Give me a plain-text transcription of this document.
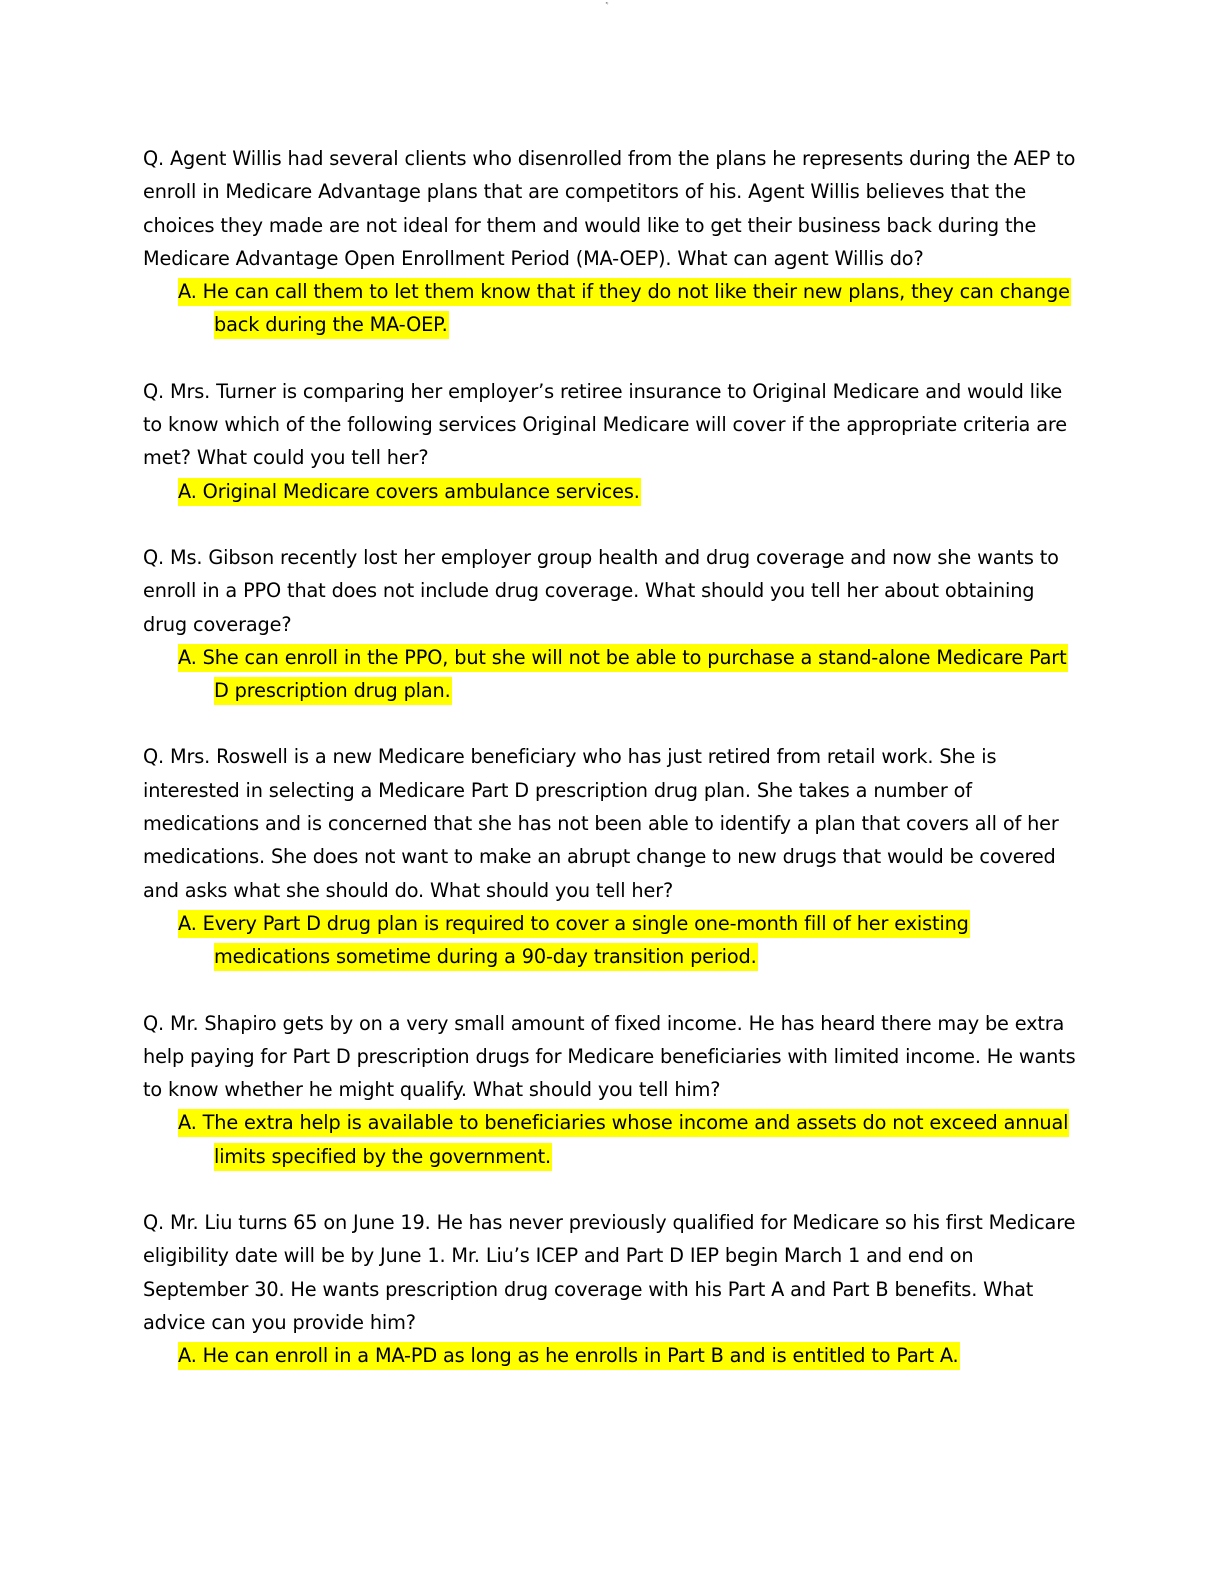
Ej

Q. Agent Willis had several clients who disenrolled from the plans he represents during the AEP to enroll in Medicare Advantage plans that are competitors of his. Agent Willis believes that the choices they made are not ideal for them and would like to get their business back during the Medicare Advantage Open Enrollment Period (MA-OEP). What can agent Willis do?

A. He can call them to let them know that if they do not like their new plans, they can change back during the MA-OEP.

Q. Mrs. Turner is comparing her employer’s retiree insurance to Original Medicare and would like to know which of the following services Original Medicare will cover if the appropriate criteria are met? What could you tell her?

A. Original Medicare covers ambulance services.

Q. Ms. Gibson recently lost her employer group health and drug coverage and now she wants to enroll in a PPO that does not include drug coverage. What should you tell her about obtaining drug coverage?

A. She can enroll in the PPO, but she will not be able to purchase a stand-alone Medicare Part D prescription drug plan.

Q. Mrs. Roswell is a new Medicare beneficiary who has just retired from retail work. She is interested in selecting a Medicare Part D prescription drug plan. She takes a number of medications and is concerned that she has not been able to identify a plan that covers all of her medications. She does not want to make an abrupt change to new drugs that would be covered and asks what she should do. What should you tell her?

A. Every Part D drug plan is required to cover a single one-month fill of her existing medications sometime during a 90-day transition period.

Q. Mr. Shapiro gets by on a very small amount of fixed income. He has heard there may be extra help paying for Part D prescription drugs for Medicare beneficiaries with limited income. He wants to know whether he might qualify. What should you tell him?

A. The extra help is available to beneficiaries whose income and assets do not exceed annual limits specified by the government.

Q. Mr. Liu turns 65 on June 19. He has never previously qualified for Medicare so his first Medicare eligibility date will be by June 1. Mr. Liu’s ICEP and Part D IEP begin March 1 and end on September 30. He wants prescription drug coverage with his Part A and Part B benefits. What advice can you provide him?

A. He can enroll in a MA-PD as long as he enrolls in Part B and is entitled to Part A.
